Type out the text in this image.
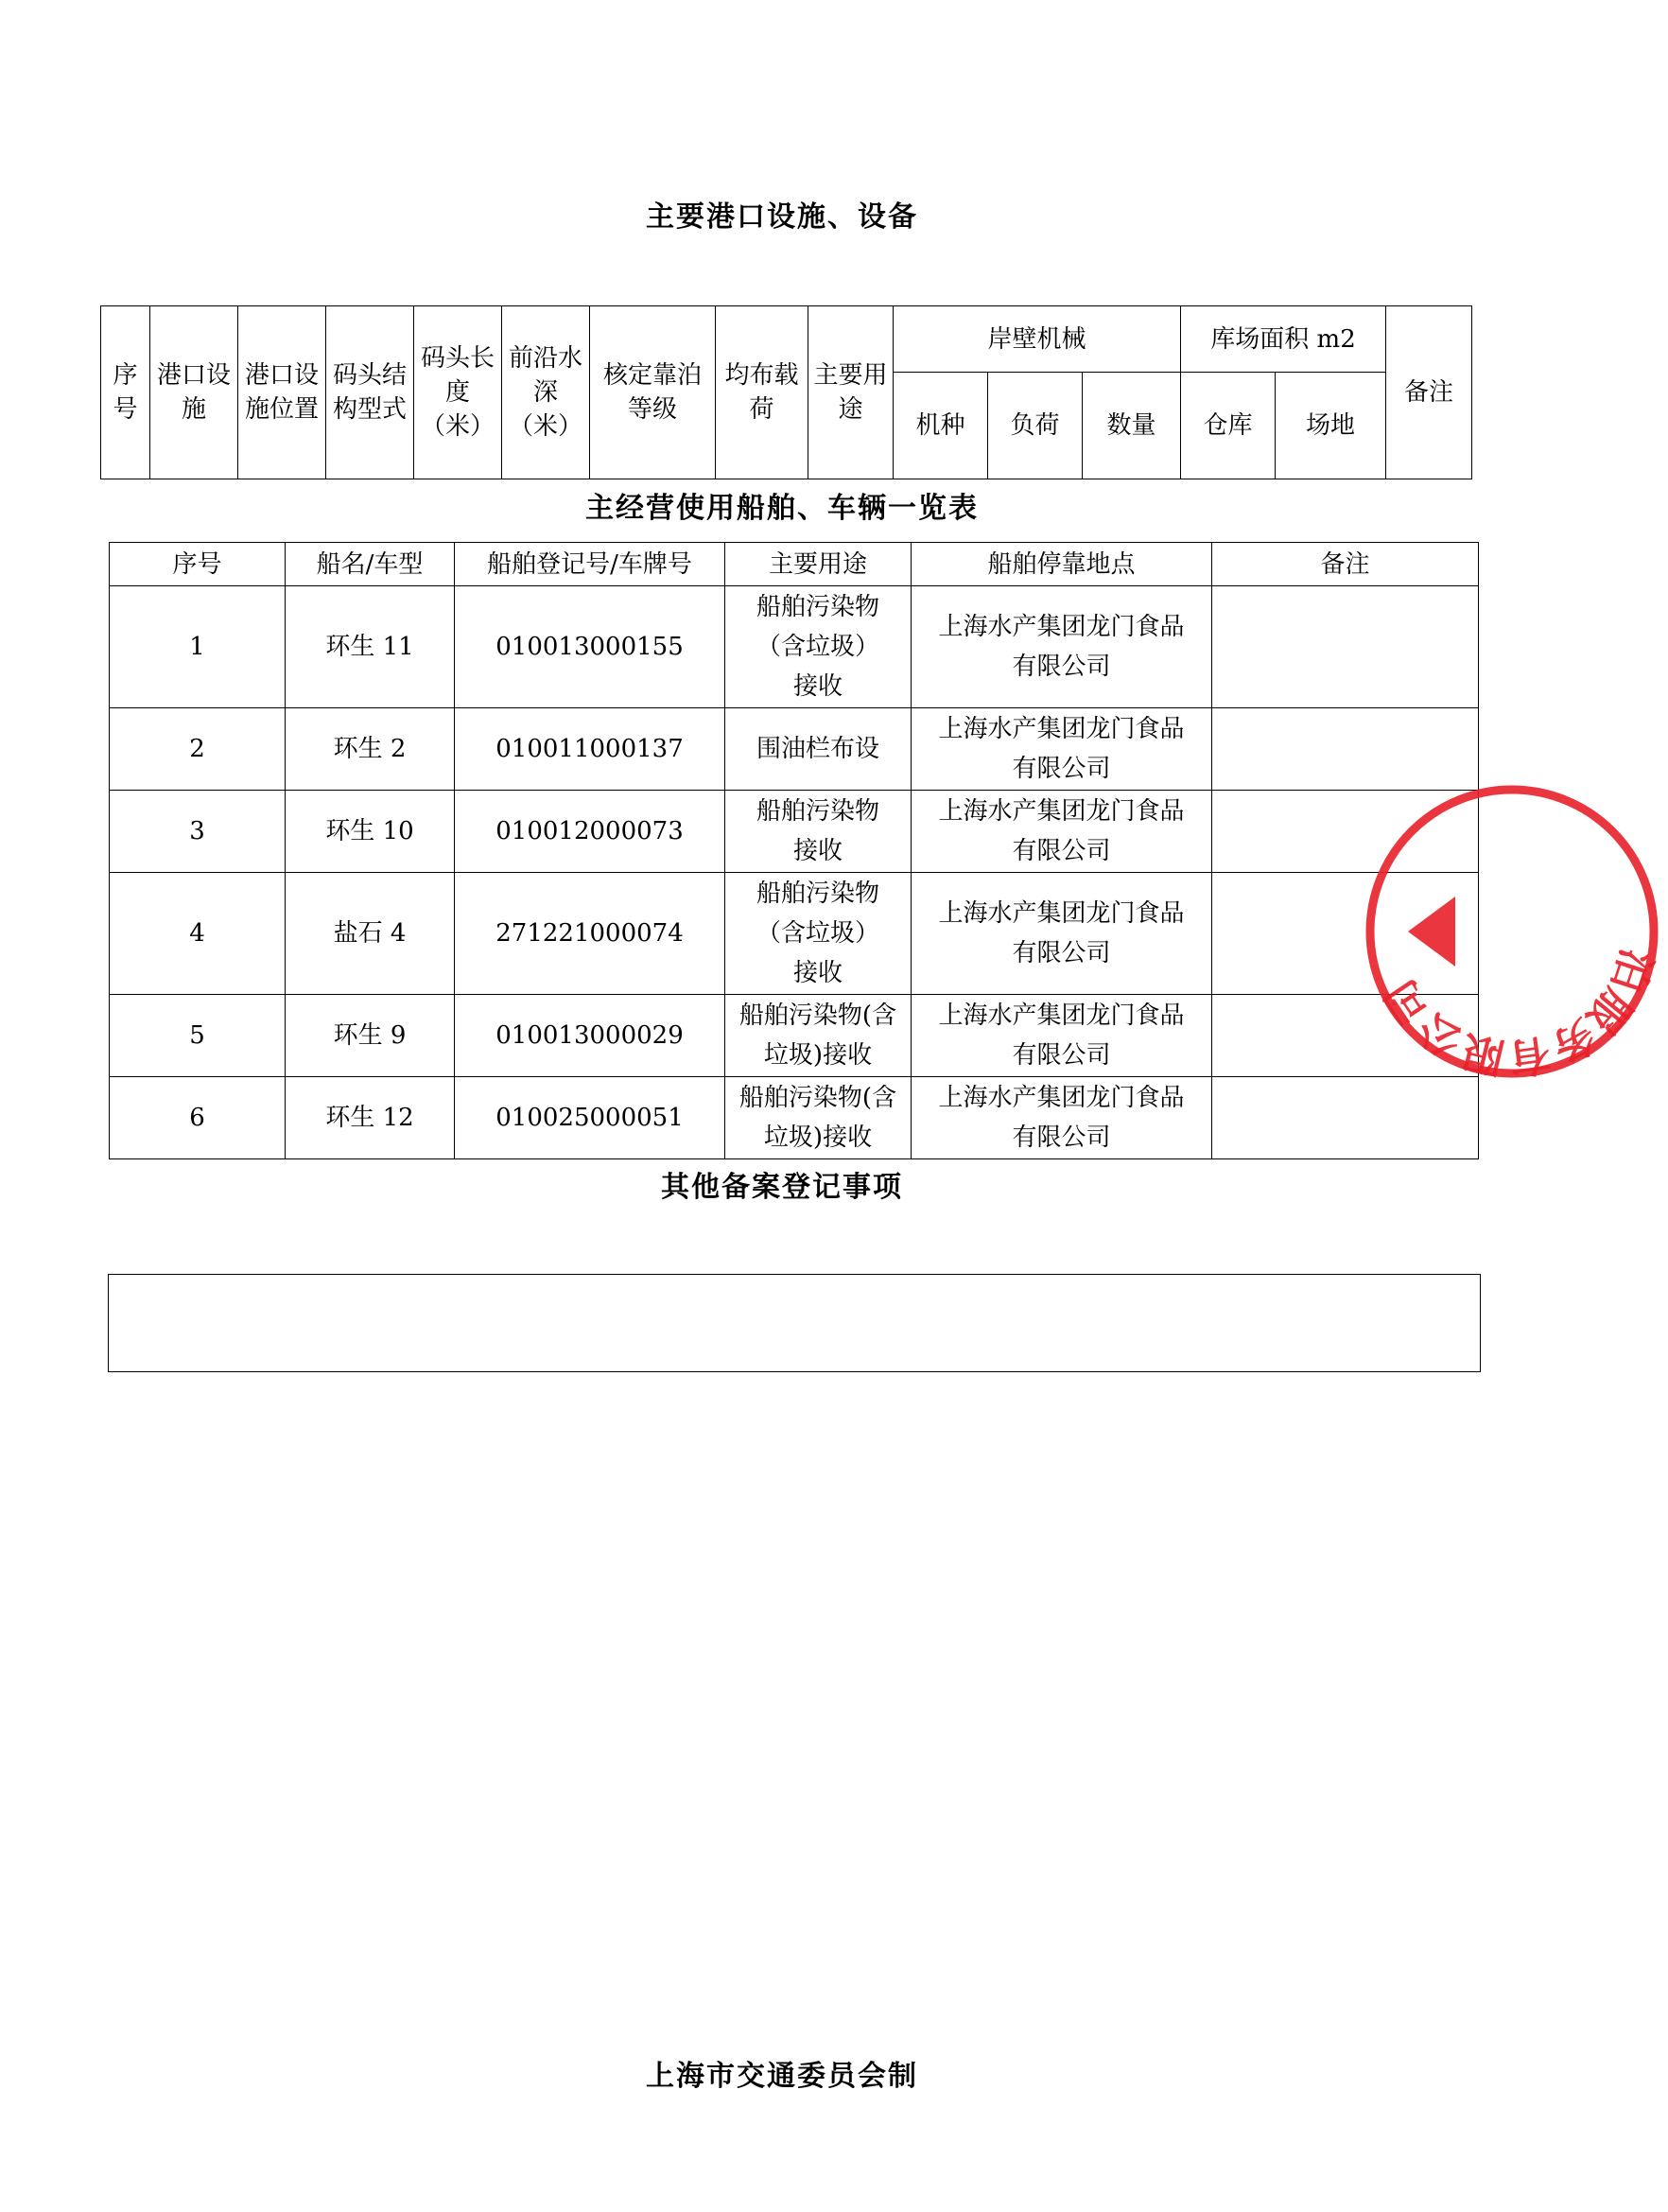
主要港口设施、设备
序号	港口设施	港口设施位置	码头结构型式	码头长度（米）	前沿水深（米）	核定靠泊等级	均布载荷	主要用途	岸壁机械			库场面积 m2		备注
									机种	负荷	数量	仓库	场地	
主经营使用船舶、车辆一览表
序号	船名/车型	船舶登记号/车牌号	主要用途	船舶停靠地点	备注
1	环生 11	010013000155	船舶污染物（含垃圾）接收	上海水产集团龙门食品有限公司	
2	环生 2	010011000137	围油栏布设	上海水产集团龙门食品有限公司	
3	环生 10	010012000073	船舶污染物接收	上海水产集团龙门食品有限公司	
4	盐石 4	271221000074	船舶污染物（含垃圾）接收	上海水产集团龙门食品有限公司	
5	环生 9	010013000029	船舶污染物(含垃圾)接收	上海水产集团龙门食品有限公司	
6	环生 12	010025000051	船舶污染物(含垃圾)接收	上海水产集团龙门食品有限公司	
其他备案登记事项
泊服务有限公司
上海市交通委员会制
